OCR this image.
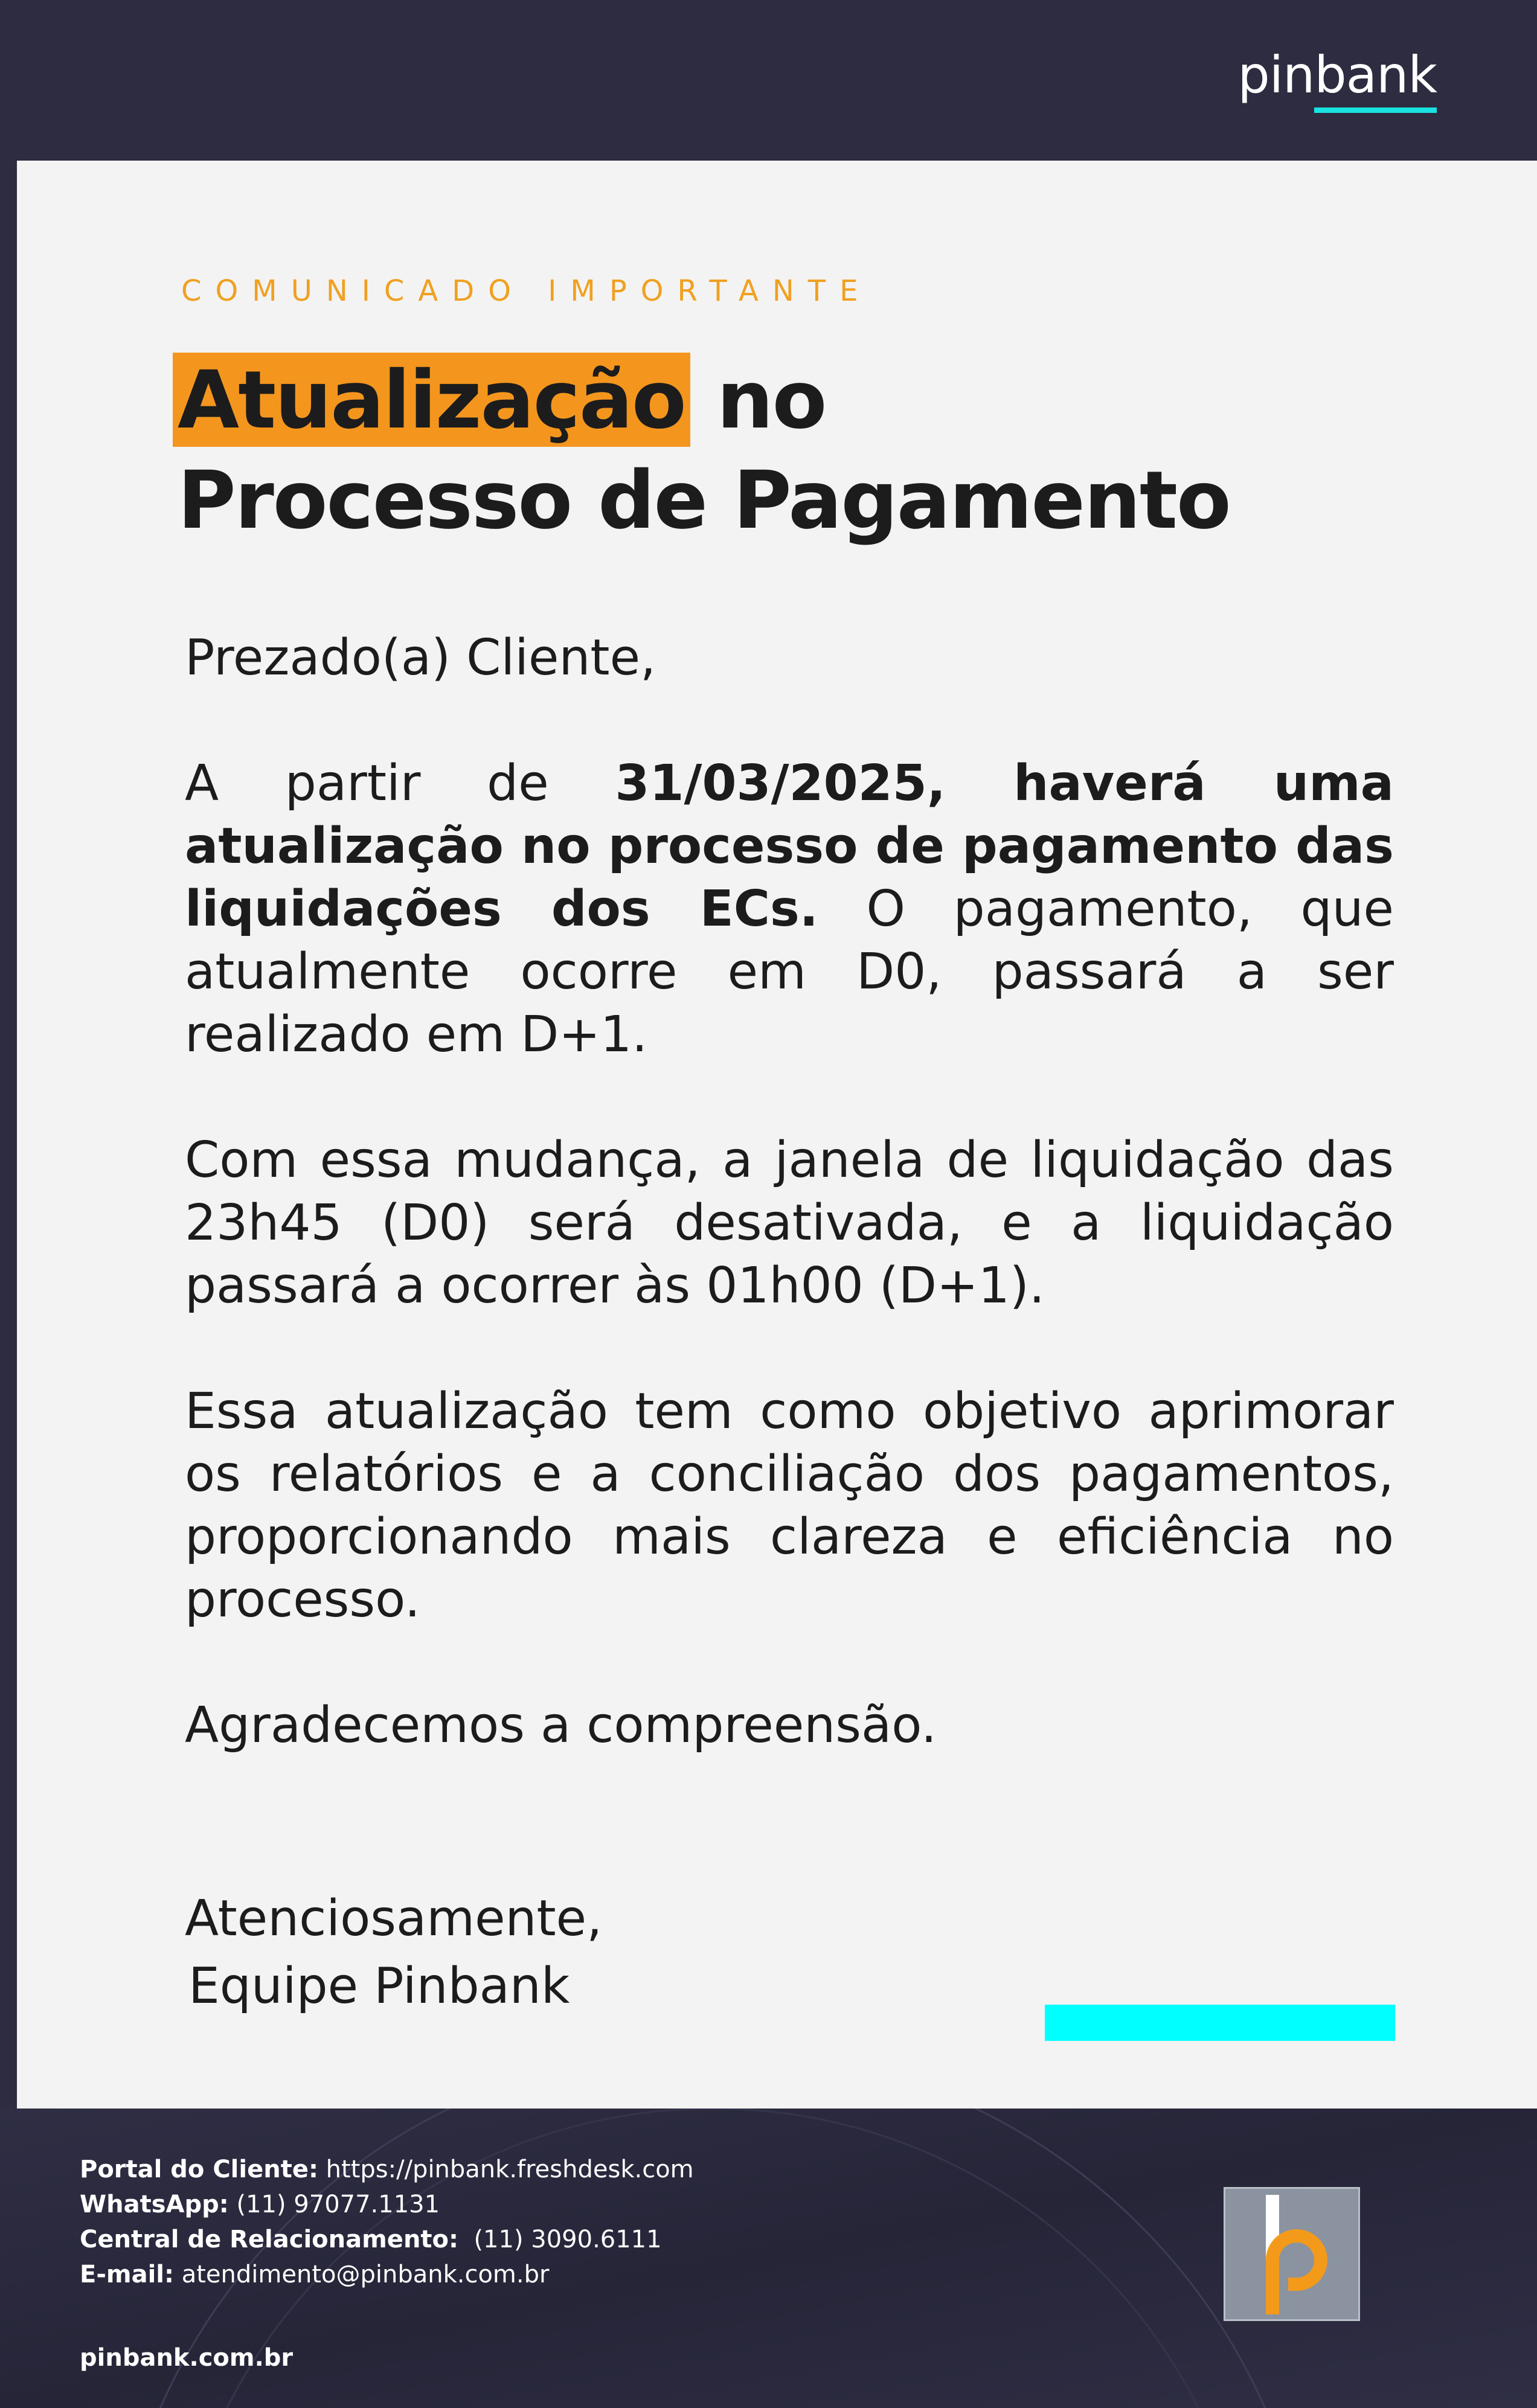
pinbank
COMUNICADO IMPORTANTE
Atualização no
Processo de Pagamento

Prezado(a) Cliente,

A partir de 31/03/2025, haverá uma atualização no processo de pagamento das liquidações dos ECs. O pagamento, que atualmente ocorre em D0, passará a ser realizado em D+1.

Com essa mudança, a janela de liquidação das 23h45 (D0) será desativada, e a liquidação passará a ocorrer às 01h00 (D+1).

Essa atualização tem como objetivo aprimorar os relatórios e a conciliação dos pagamentos, proporcionando mais clareza e eficiência no processo.

Agradecemos a compreensão.

Atenciosamente,
Equipe Pinbank
Portal do Cliente: https://pinbank.freshdesk.com
WhatsApp: (11) 97077.1131
Central de Relacionamento:  (11) 3090.6111
E-mail: atendimento@pinbank.com.br
pinbank.com.br
